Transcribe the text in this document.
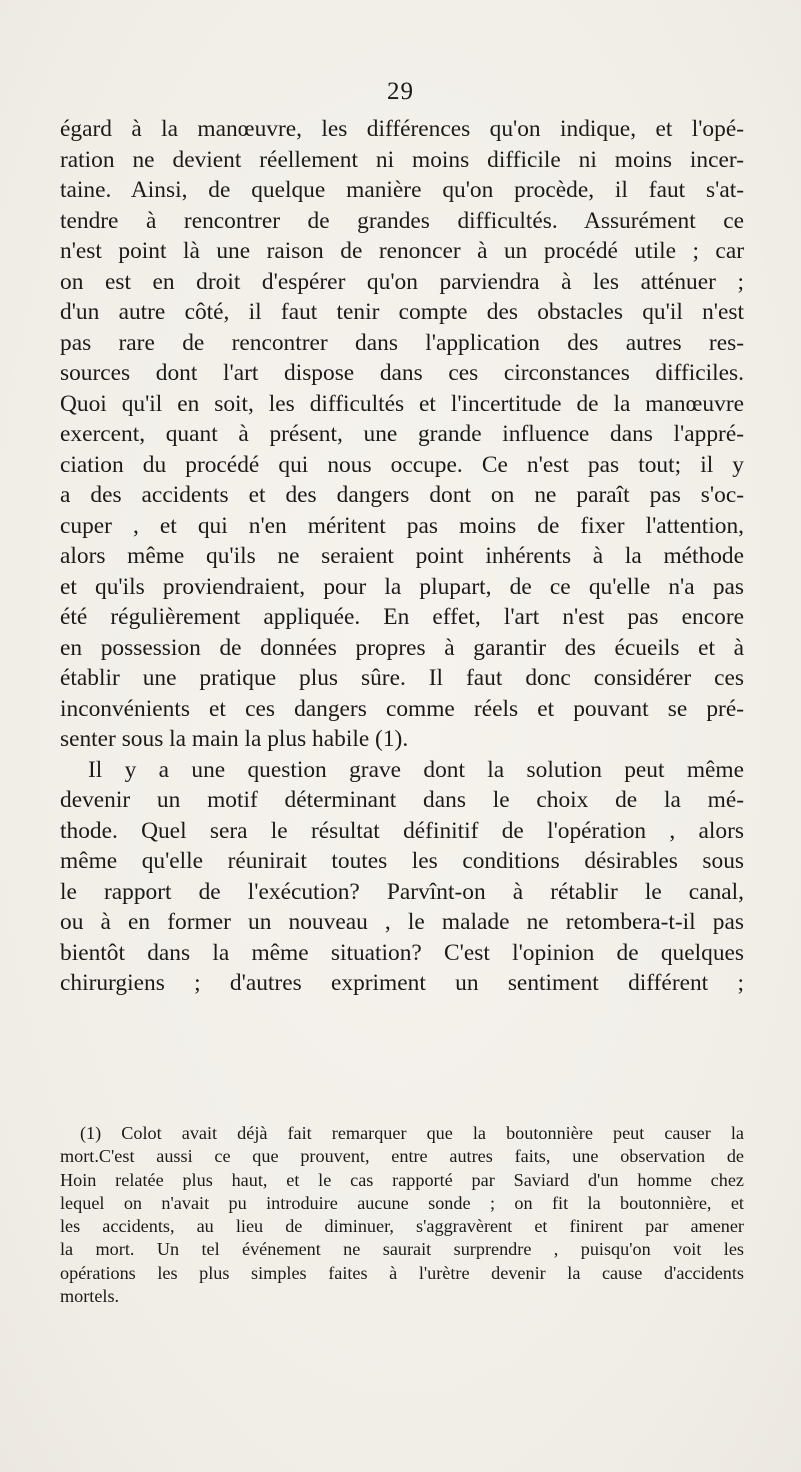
29
égard à la manœuvre, les différences qu'on indique, et l'opé-
ration ne devient réellement ni moins difficile ni moins incer-
taine. Ainsi, de quelque manière qu'on procède, il faut s'at-
tendre à rencontrer de grandes difficultés. Assurément ce
n'est point là une raison de renoncer à un procédé utile ; car
on est en droit d'espérer qu'on parviendra à les atténuer ;
d'un autre côté, il faut tenir compte des obstacles qu'il n'est
pas rare de rencontrer dans l'application des autres res-
sources dont l'art dispose dans ces circonstances difficiles.
Quoi qu'il en soit, les difficultés et l'incertitude de la manœuvre
exercent, quant à présent, une grande influence dans l'appré-
ciation du procédé qui nous occupe. Ce n'est pas tout; il y
a des accidents et des dangers dont on ne paraît pas s'oc-
cuper , et qui n'en méritent pas moins de fixer l'attention,
alors même qu'ils ne seraient point inhérents à la méthode
et qu'ils proviendraient, pour la plupart, de ce qu'elle n'a pas
été régulièrement appliquée. En effet, l'art n'est pas encore
en possession de données propres à garantir des écueils et à
établir une pratique plus sûre. Il faut donc considérer ces
inconvénients et ces dangers comme réels et pouvant se pré-
senter sous la main la plus habile (1).
Il y a une question grave dont la solution peut même
devenir un motif déterminant dans le choix de la mé-
thode. Quel sera le résultat définitif de l'opération , alors
même qu'elle réunirait toutes les conditions désirables sous
le rapport de l'exécution? Parvînt-on à rétablir le canal,
ou à en former un nouveau , le malade ne retombera-t-il pas
bientôt dans la même situation? C'est l'opinion de quelques
chirurgiens ; d'autres expriment un sentiment différent ;
(1) Colot avait déjà fait remarquer que la boutonnière peut causer la
mort.C'est aussi ce que prouvent, entre autres faits, une observation de
Hoin relatée plus haut, et le cas rapporté par Saviard d'un homme chez
lequel on n'avait pu introduire aucune sonde ; on fit la boutonnière, et
les accidents, au lieu de diminuer, s'aggravèrent et finirent par amener
la mort. Un tel événement ne saurait surprendre , puisqu'on voit les
opérations les plus simples faites à l'urètre devenir la cause d'accidents
mortels.
